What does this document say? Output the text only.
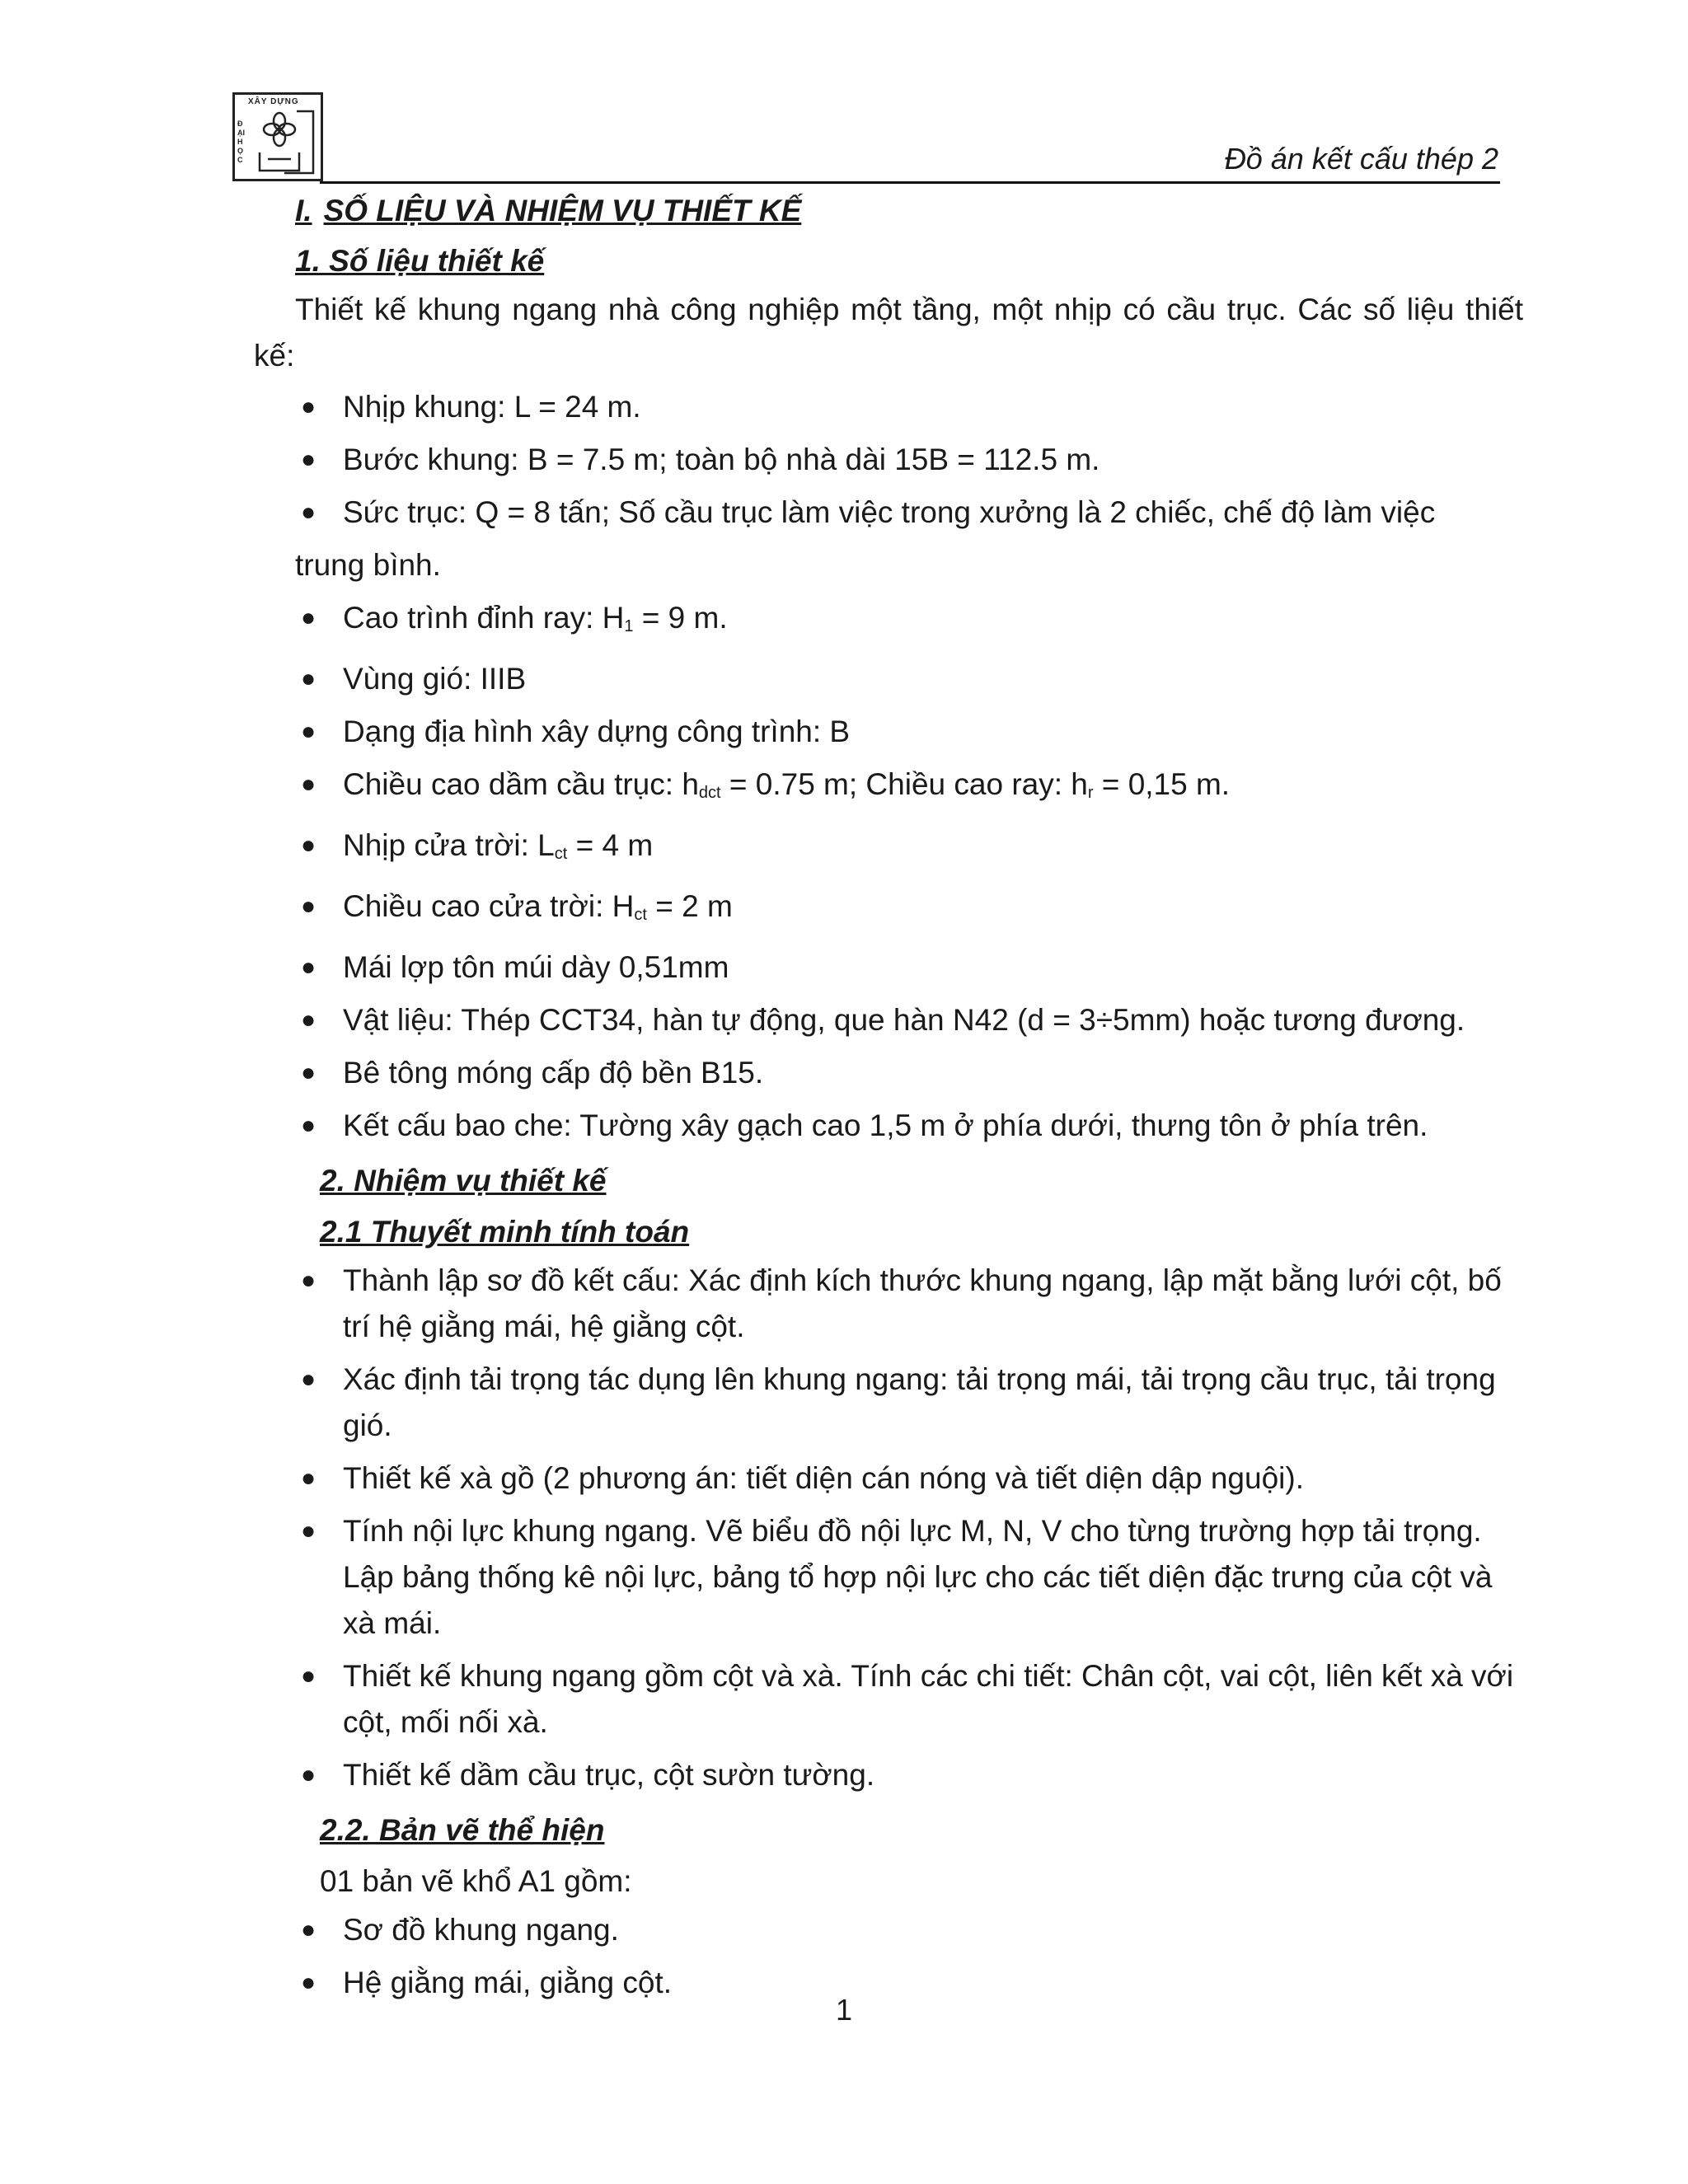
XÂY DỰNG
ĐẠI HỌC	Đồ án kết cấu thép 2
I. SỐ LIỆU VÀ NHIỆM VỤ THIẾT KẾ
1. Số liệu thiết kế

Thiết kế khung ngang nhà công nghiệp một tầng, một nhịp có cầu trục. Các số liệu thiết kế:

● Nhịp khung: L = 24 m.
● Bước khung: B = 7.5 m; toàn bộ nhà dài 15B = 112.5 m.
● Sức trục: Q = 8 tấn; Số cầu trục làm việc trong xưởng là 2 chiếc, chế độ làm việc
trung bình.
● Cao trình đỉnh ray: $H_1 = 9$ m.
● Vùng gió: IIIB
● Dạng địa hình xây dựng công trình: B
● Chiều cao dầm cầu trục: $h_{dct} = 0.75$ m; Chiều cao ray: $h_r = 0,15$ m.
● Nhịp cửa trời: $L_{ct} = 4$ m
● Chiều cao cửa trời: $H_{ct} = 2$ m
● Mái lợp tôn múi dày 0,51mm
● Vật liệu: Thép CCT34, hàn tự động, que hàn N42 (d = 3÷5mm) hoặc tương đương.
● Bê tông móng cấp độ bền B15.
● Kết cấu bao che: Tường xây gạch cao 1,5 m ở phía dưới, thưng tôn ở phía trên.
2. Nhiệm vụ thiết kế
2.1 Thuyết minh tính toán
● Thành lập sơ đồ kết cấu: Xác định kích thước khung ngang, lập mặt bằng lưới cột, bố trí hệ giằng mái, hệ giằng cột.
● Xác định tải trọng tác dụng lên khung ngang: tải trọng mái, tải trọng cầu trục, tải trọng gió.
● Thiết kế xà gồ (2 phương án: tiết diện cán nóng và tiết diện dập nguội).
● Tính nội lực khung ngang. Vẽ biểu đồ nội lực M, N, V cho từng trường hợp tải trọng. Lập bảng thống kê nội lực, bảng tổ hợp nội lực cho các tiết diện đặc trưng của cột và xà mái.
● Thiết kế khung ngang gồm cột và xà. Tính các chi tiết: Chân cột, vai cột, liên kết xà với cột, mối nối xà.
● Thiết kế dầm cầu trục, cột sườn tường.
2.2. Bản vẽ thể hiện
01 bản vẽ khổ A1 gồm:
● Sơ đồ khung ngang.
● Hệ giằng mái, giằng cột.
1
